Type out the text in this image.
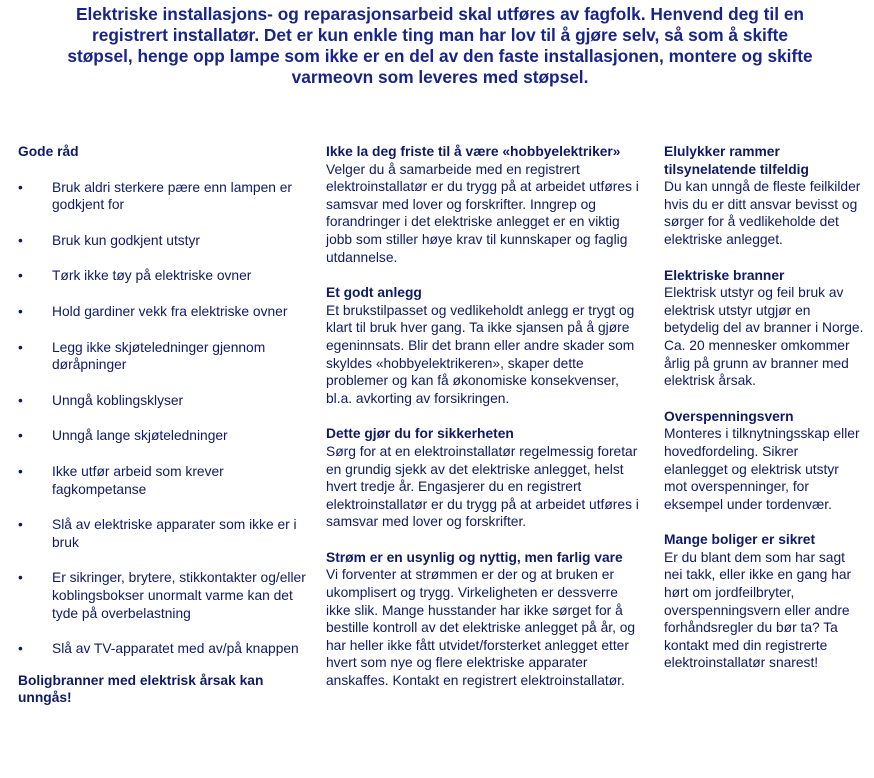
Elektriske installasjons- og reparasjonsarbeid skal utføres av fagfolk. Henvend deg til en registrert installatør. Det er kun enkle ting man har lov til å gjøre selv, så som å skifte støpsel, henge opp lampe som ikke er en del av den faste installasjonen, montere og skifte varmeovn som leveres med støpsel.
Gode råd
• Bruk aldri sterkere pære enn lampen er godkjent for
• Bruk kun godkjent utstyr
• Tørk ikke tøy på elektriske ovner
• Hold gardiner vekk fra elektriske ovner
• Legg ikke skjøteledninger gjennom døråpninger
• Unngå koblingsklyser
• Unngå lange skjøteledninger
• Ikke utfør arbeid som krever fagkompetanse
• Slå av elektriske apparater som ikke er i bruk
• Er sikringer, brytere, stikkontakter og/eller koblingsbokser unormalt varme kan det tyde på overbelastning
• Slå av TV-apparatet med av/på knappen
Boligbranner med elektrisk årsak kan unngås!
Ikke la deg friste til å være «hobbyelektriker»
Velger du å samarbeide med en registrert elektroinstallatør er du trygg på at arbeidet utføres i samsvar med lover og forskrifter. Inngrep og forandringer i det elektriske anlegget er en viktig jobb som stiller høye krav til kunnskaper og faglig utdannelse.
Et godt anlegg
Et brukstilpasset og vedlikeholdt anlegg er trygt og klart til bruk hver gang. Ta ikke sjansen på å gjøre egeninnsats. Blir det brann eller andre skader som skyldes «hobbyelektrikeren», skaper dette problemer og kan få økonomiske konsekvenser, bl.a. avkorting av forsikringen.
Dette gjør du for sikkerheten
Sørg for at en elektroinstallatør regelmessig foretar en grundig sjekk av det elektriske anlegget, helst hvert tredje år. Engasjerer du en registrert elektroinstallatør er du trygg på at arbeidet utføres i samsvar med lover og forskrifter.
Strøm er en usynlig og nyttig, men farlig vare
Vi forventer at strømmen er der og at bruken er ukomplisert og trygg. Virkeligheten er dessverre ikke slik. Mange husstander har ikke sørget for å bestille kontroll av det elektriske anlegget på år, og har heller ikke fått utvidet/forsterket anlegget etter hvert som nye og flere elektriske apparater anskaffes. Kontakt en registrert elektroinstallatør.
Elulykker rammer tilsynelatende tilfeldig
Du kan unngå de fleste feilkilder hvis du er ditt ansvar bevisst og sørger for å vedlikeholde det elektriske anlegget.
Elektriske branner
Elektrisk utstyr og feil bruk av elektrisk utstyr utgjør en betydelig del av branner i Norge. Ca. 20 mennesker omkommer årlig på grunn av branner med elektrisk årsak.
Overspenningsvern
Monteres i tilknytningsskap eller hovedfordeling. Sikrer elanlegget og elektrisk utstyr mot overspenninger, for eksempel under tordenvær.
Mange boliger er sikret
Er du blant dem som har sagt nei takk, eller ikke en gang har hørt om jordfeilbryter, overspenningsvern eller andre forhåndsregler du bør ta? Ta kontakt med din registrerte elektroinstallatør snarest!
